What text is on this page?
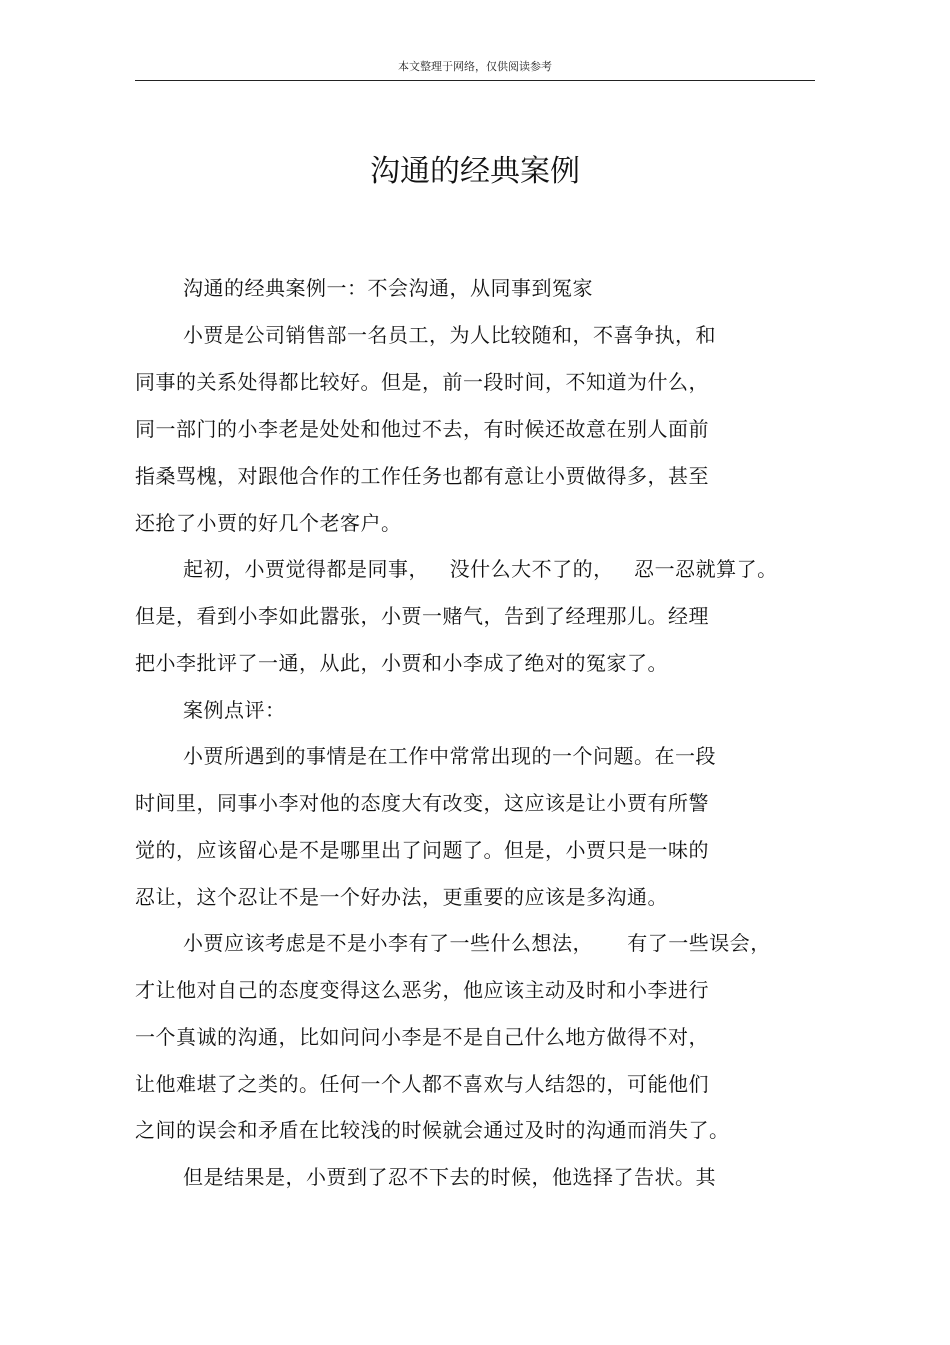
本文整理于网络，仅供阅读参考
沟通的经典案例
沟通的经典案例一：不会沟通，从同事到冤家
小贾是公司销售部一名员工，为人比较随和，不喜争执，和
同事的关系处得都比较好。但是，前一段时间，不知道为什么，
同一部门的小李老是处处和他过不去，有时候还故意在别人面前
指桑骂槐，对跟他合作的工作任务也都有意让小贾做得多，甚至
还抢了小贾的好几个老客户。
起初，小贾觉得都是同事，   没什么大不了的，   忍一忍就算了。
但是，看到小李如此嚣张，小贾一赌气，告到了经理那儿。经理
把小李批评了一通，从此，小贾和小李成了绝对的冤家了。
案例点评：
小贾所遇到的事情是在工作中常常出现的一个问题。在一段
时间里，同事小李对他的态度大有改变，这应该是让小贾有所警
觉的，应该留心是不是哪里出了问题了。但是，小贾只是一味的
忍让，这个忍让不是一个好办法，更重要的应该是多沟通。
小贾应该考虑是不是小李有了一些什么想法，     有了一些误会，
才让他对自己的态度变得这么恶劣，他应该主动及时和小李进行
一个真诚的沟通，比如问问小李是不是自己什么地方做得不对，
让他难堪了之类的。任何一个人都不喜欢与人结怨的，可能他们
之间的误会和矛盾在比较浅的时候就会通过及时的沟通而消失了。
但是结果是，小贾到了忍不下去的时候，他选择了告状。其
